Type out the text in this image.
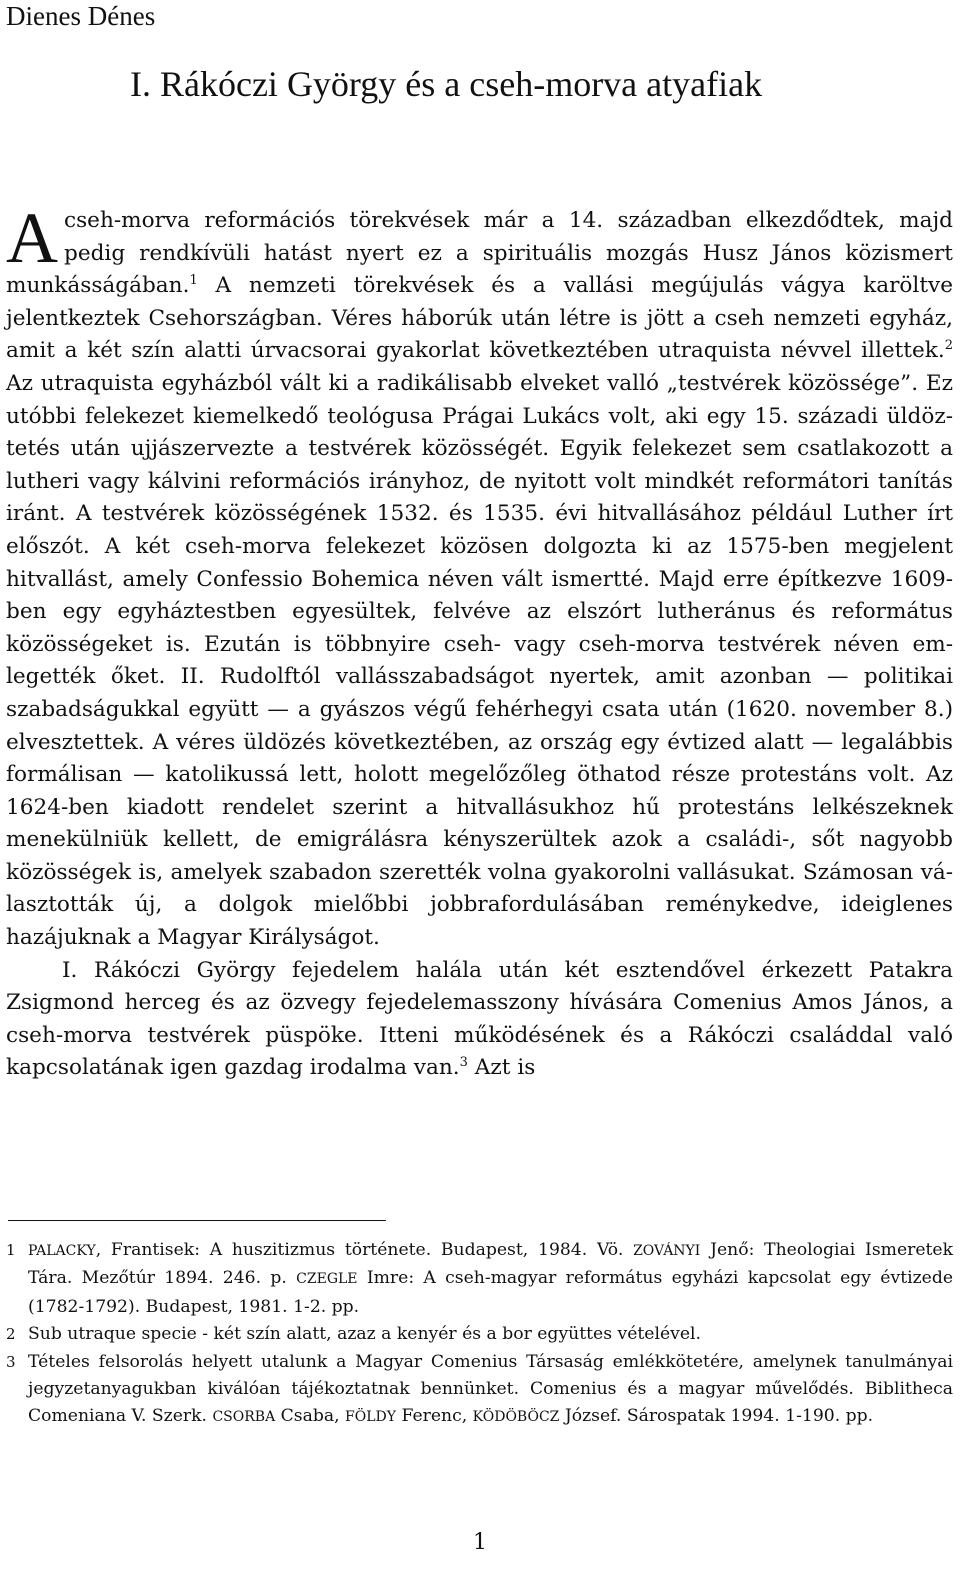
Dienes Dénes
I. Rákóczi György és a cseh-morva atyafiak

Acseh-morva reformációs törekvések már a 14. században elkezdődtek, majd pedig rendkívüli hatást nyert ez a spirituális mozgás Husz János közismert munkásságában.$^1$ A nemzeti törekvések és a vallási megújulás vágya karöltve jelentkeztek Csehországban. Véres háborúk után létre is jött a cseh nemzeti egyház, amit a két szín alatti úrvacsorai gyakorlat következtében utraquista névvel illettek.$^2$ Az utraquista egyházból vált ki a radikálisabb elveket valló „testvérek közössége”. Ez utóbbi felekezet kiemelkedő teológusa Prágai Lukács volt, aki egy 15. századi üldöztetés után ujjászervezte a testvérek közösségét. Egyik felekezet sem csatlakozott a lutheri vagy kálvini reformációs irányhoz, de nyitott volt mindkét reformátori tanítás iránt. A testvérek közösségének 1532. és 1535. évi hitvallásához például Luther írt előszót. A két cseh-morva felekezet közösen dolgozta ki az 1575-ben megjelent hitvallást, amely Confessio Bohemica néven vált ismertté. Majd erre építkezve 1609-ben egy egyháztestben egyesültek, felvéve az elszórt lutheránus és református közösségeket is. Ezután is többnyire cseh- vagy cseh-morva testvérek néven emlegették őket. II. Rudolftól vallásszabadságot nyertek, amit azonban — politikai szabadságukkal együtt — a gyászos végű fehérhegyi csata után (1620. november 8.) elvesztettek. A véres üldözés következtében, az ország egy évtized alatt — legalábbis formálisan — katolikussá lett, holott megelőzőleg öthatod része protestáns volt. Az 1624-ben kiadott rendelet szerint a hitvallásukhoz hű protestáns lelkészeknek menekülniük kellett, de emigrálásra kényszerültek azok a családi-, sőt nagyobb közösségek is, amelyek szabadon szerették volna gyakorolni vallásukat. Számosan választották új, a dolgok mielőbbi jobbrafordulásában reménykedve, ideiglenes hazájuknak a Magyar Királyságot.

I. Rákóczi György fejedelem halála után két esztendővel érkezett Patakra Zsigmond herceg és az özvegy fejedelemasszony hívására Comenius Amos János, a cseh-morva testvérek püspöke. Itteni működésének és a Rákóczi családdal való kapcsolatának igen gazdag irodalma van.$^3$ Azt is

1 PALACKY, Frantisek: A huszitizmus története. Budapest, 1984. Vö. ZOVÁNYI Jenő: Theologiai Ismeretek Tára. Mezőtúr 1894. 246. p. CZEGLE Imre: A cseh-magyar református egyházi kapcsolat egy évtizede (1782-1792). Budapest, 1981. 1-2. pp.

2 Sub utraque specie - két szín alatt, azaz a kenyér és a bor együttes vételével.

3 Tételes felsorolás helyett utalunk a Magyar Comenius Társaság emlékkötetére, amelynek tanulmányai jegyzetanyagukban kiválóan tájékoztatnak bennünket. Comenius és a magyar művelődés. Biblitheca Comeniana V. Szerk. CSORBA Csaba, FÖLDY Ferenc, KÖDÖBÖCZ József. Sárospatak 1994. 1-190. pp.

1
